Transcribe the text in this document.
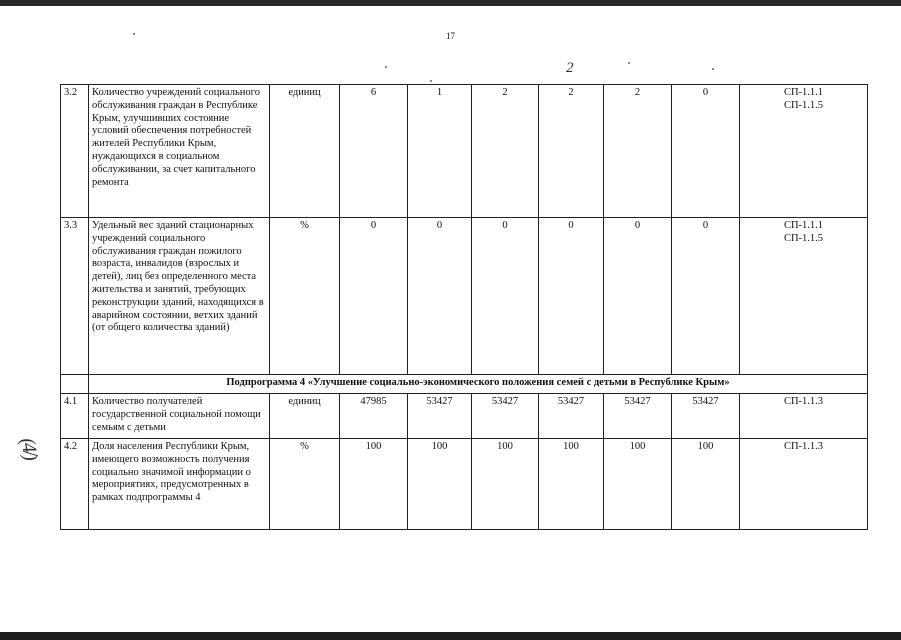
17
2
(4/)
3.2	Количество учреждений социального обслуживания граждан в Республике Крым, улучшивших состояние условий обеспечения потребностей жителей Республики Крым, нуждающихся в социальном обслуживании, за счет капитального ремонта	единиц	6	1	2	2	2	0	СП-1.1.1
СП-1.1.5

3.3	Удельный вес зданий стационарных учреждений социального обслуживания граждан пожилого возраста, инвалидов (взрослых и детей), лиц без определенного места жительства и занятий, требующих реконструкции зданий, находящихся в аварийном состоянии, ветхих зданий (от общего количества зданий)	%	0	0	0	0	0	0	СП-1.1.1
СП-1.1.5

	Подпрограмма 4 «Улучшение социально-экономического положения семей с детьми в Республике Крым»								
4.1	Количество получателей государственной социальной помощи семьям с детьми	единиц	47985	53427	53427	53427	53427	53427	СП-1.1.3

4.2	Доля населения Республики Крым, имеющего возможность получения социально значимой информации о мероприятиях, предусмотренных в рамках подпрограммы 4	%	100	100	100	100	100	100	СП-1.1.3
